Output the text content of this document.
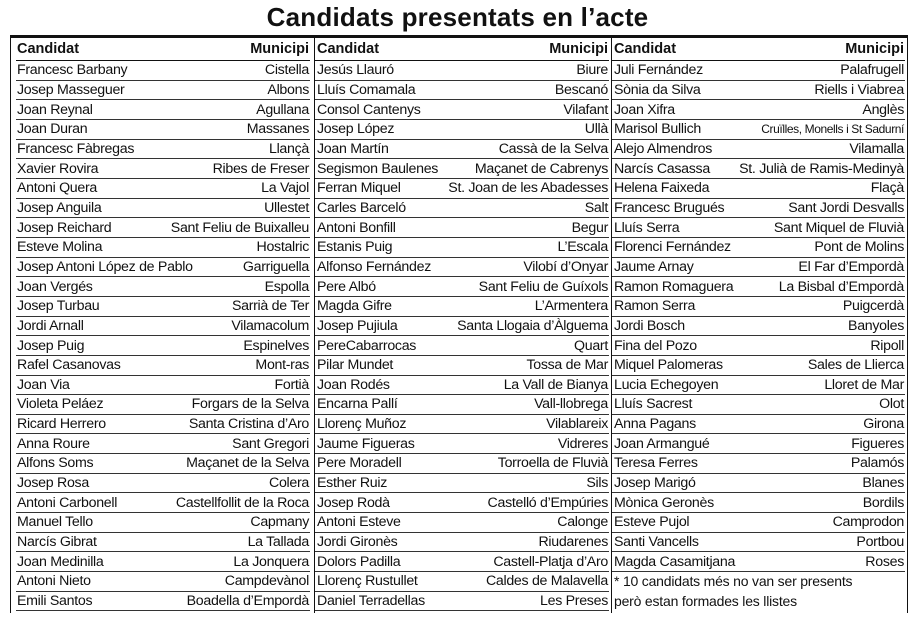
Candidats presentats en l’acte
Candidat	Municipi
Francesc Barbany	Cistella
Josep Masseguer	Albons
Joan Reynal	Agullana
Joan Duran	Massanes
Francesc Fàbregas	Llançà
Xavier Rovira	Ribes de Freser
Antoni Quera	La Vajol
Josep Anguila	Ullestet
Josep Reichard	Sant Feliu de Buixalleu
Esteve Molina	Hostalric
Josep Antoni López de Pablo	Garriguella
Joan Vergés	Espolla
Josep Turbau	Sarrià de Ter
Jordi Arnall	Vilamacolum
Josep Puig	Espinelves
Rafel Casanovas	Mont-ras
Joan Via	Fortià
Violeta Peláez	Forgars de la Selva
Ricard Herrero	Santa Cristina d’Aro
Anna Roure	Sant Gregori
Alfons Soms	Maçanet de la Selva
Josep Rosa	Colera
Antoni Carbonell	Castellfollit de la Roca
Manuel Tello	Capmany
Narcís Gibrat	La Tallada
Joan Medinilla	La Jonquera
Antoni Nieto	Campdevànol
Emili Santos	Boadella d’Empordà
Candidat	Municipi
Jesús Llauró	Biure
Lluís Comamala	Bescanó
Consol Cantenys	Vilafant
Josep López	Ullà
Joan Martín	Cassà de la Selva
Segismon Baulenes	Maçanet de Cabrenys
Ferran Miquel	St. Joan de les Abadesses
Carles Barceló	Salt
Antoni Bonfill	Begur
Estanis Puig	L’Escala
Alfonso Fernández	Vilobí d’Onyar
Pere Albó	Sant Feliu de Guíxols
Magda Gifre	L’Armentera
Josep Pujiula	Santa Llogaia d’Àlguema
PereCabarrocas	Quart
Pilar Mundet	Tossa de Mar
Joan Rodés	La Vall de Bianya
Encarna Pallí	Vall-llobrega
Llorenç Muñoz	Vilablareix
Jaume Figueras	Vidreres
Pere Moradell	Torroella de Fluvià
Esther Ruiz	Sils
Josep Rodà	Castelló d’Empúries
Antoni Esteve	Calonge
Jordi Gironès	Riudarenes
Dolors Padilla	Castell-Platja d’Aro
Llorenç Rustullet	Caldes de Malavella
Daniel Terradellas	Les Preses
Candidat	Municipi
Juli Fernández	Palafrugell
Sònia da Silva	Riells i Viabrea
Joan Xifra	Anglès
Marisol Bullich	Cruïlles, Monells i St Sadurní
Alejo Almendros	Vilamalla
Narcís Casassa St. Julià de Ramis-Medinyà
Helena Faixeda	Flaçà
Francesc Brugués	Sant Jordi Desvalls
Lluís Serra	Sant Miquel de Fluvià
Florenci Fernández	Pont de Molins
Jaume Arnay	El Far d’Empordà
Ramon Romaguera	La Bisbal d’Empordà
Ramon Serra	Puigcerdà
Jordi Bosch	Banyoles
Fina del Pozo	Ripoll
Miquel Palomeras	Sales de Llierca
Lucia Echegoyen	Lloret de Mar
Lluís Sacrest	Olot
Anna Pagans	Girona
Joan Armangué	Figueres
Teresa Ferres	Palamós
Josep Marigó	Blanes
Mònica Geronès	Bordils
Esteve Pujol	Camprodon
Santi Vancells	Portbou
Magda Casamitjana	Roses
* 10 candidats més no van ser presents
però estan formades les llistes
